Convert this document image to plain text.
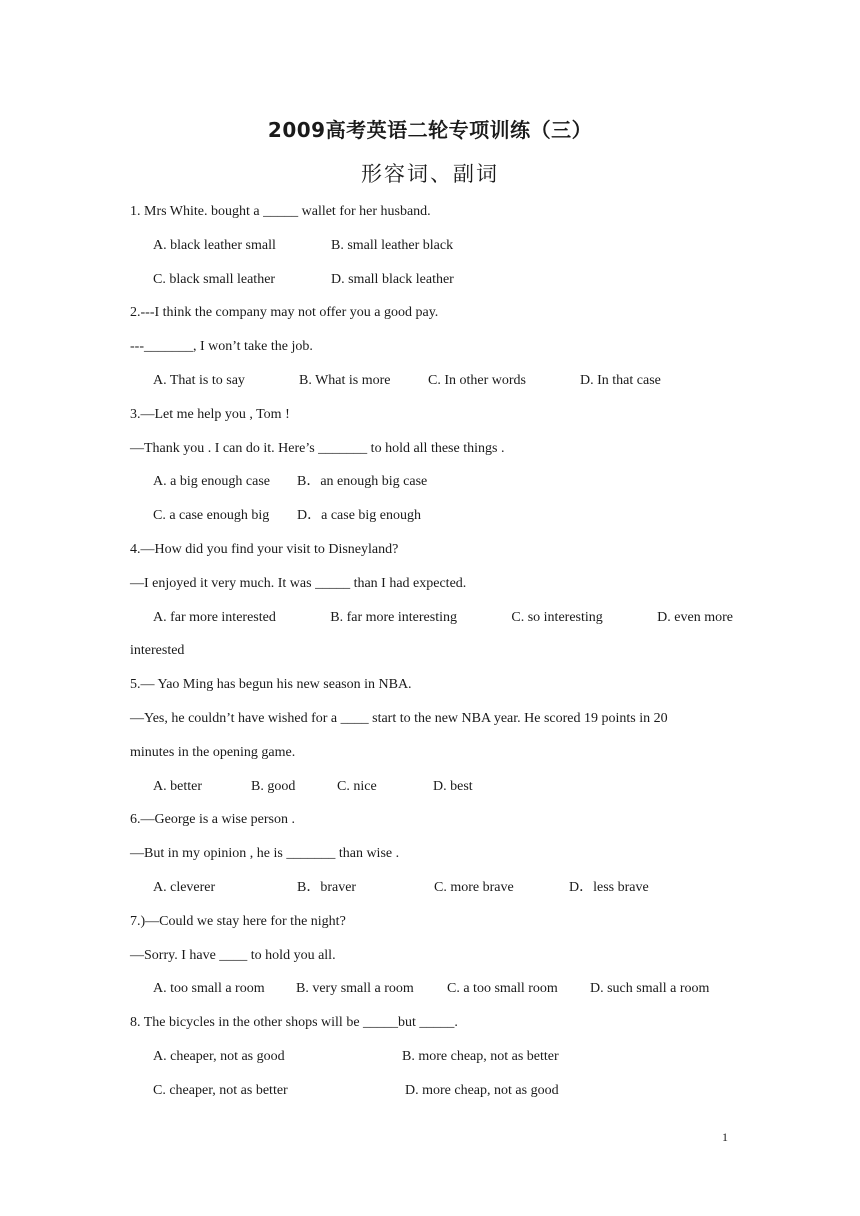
2009高考英语二轮专项训练（三）
形容词、副词
1. Mrs White. bought a _____ wallet for her husband.
A. black leather small	B. small leather black
C. black small leather	D. small black leather
2.---I think the company may not offer you a good pay.
---_______, I won’t take the job.
A. That is to say	B. What is more	C. In other words	D. In that case
3.—Let me help you , Tom !
—Thank you . I can do it. Here’s _______ to hold all these things .
A. a big enough case B．an enough big case
C. a case enough big D．a case big enough
4.—How did you find your visit to Disneyland?
—I enjoyed it very much. It was _____ than I had expected.
A. far more interested	B. far more interesting	C. so interesting	D. even more
interested
5.— Yao Ming has begun his new season in NBA.
—Yes, he couldn’t have wished for a ____ start to the new NBA year. He scored 19 points in 20
minutes in the opening game.
A. better	B. good	C. nice	D. best
6.—George is a wise person .
—But in my opinion , he is _______ than wise .
A. cleverer	B．braver	C. more brave	D．less brave
7.)—Could we stay here for the night?
—Sorry. I have ____ to hold you all.
A. too small a room B. very small a room C. a too small room D. such small a room
8. The bicycles in the other shops will be _____but _____.
A. cheaper, not as good	B. more cheap, not as better
C. cheaper, not as better	D. more cheap, not as good
1
